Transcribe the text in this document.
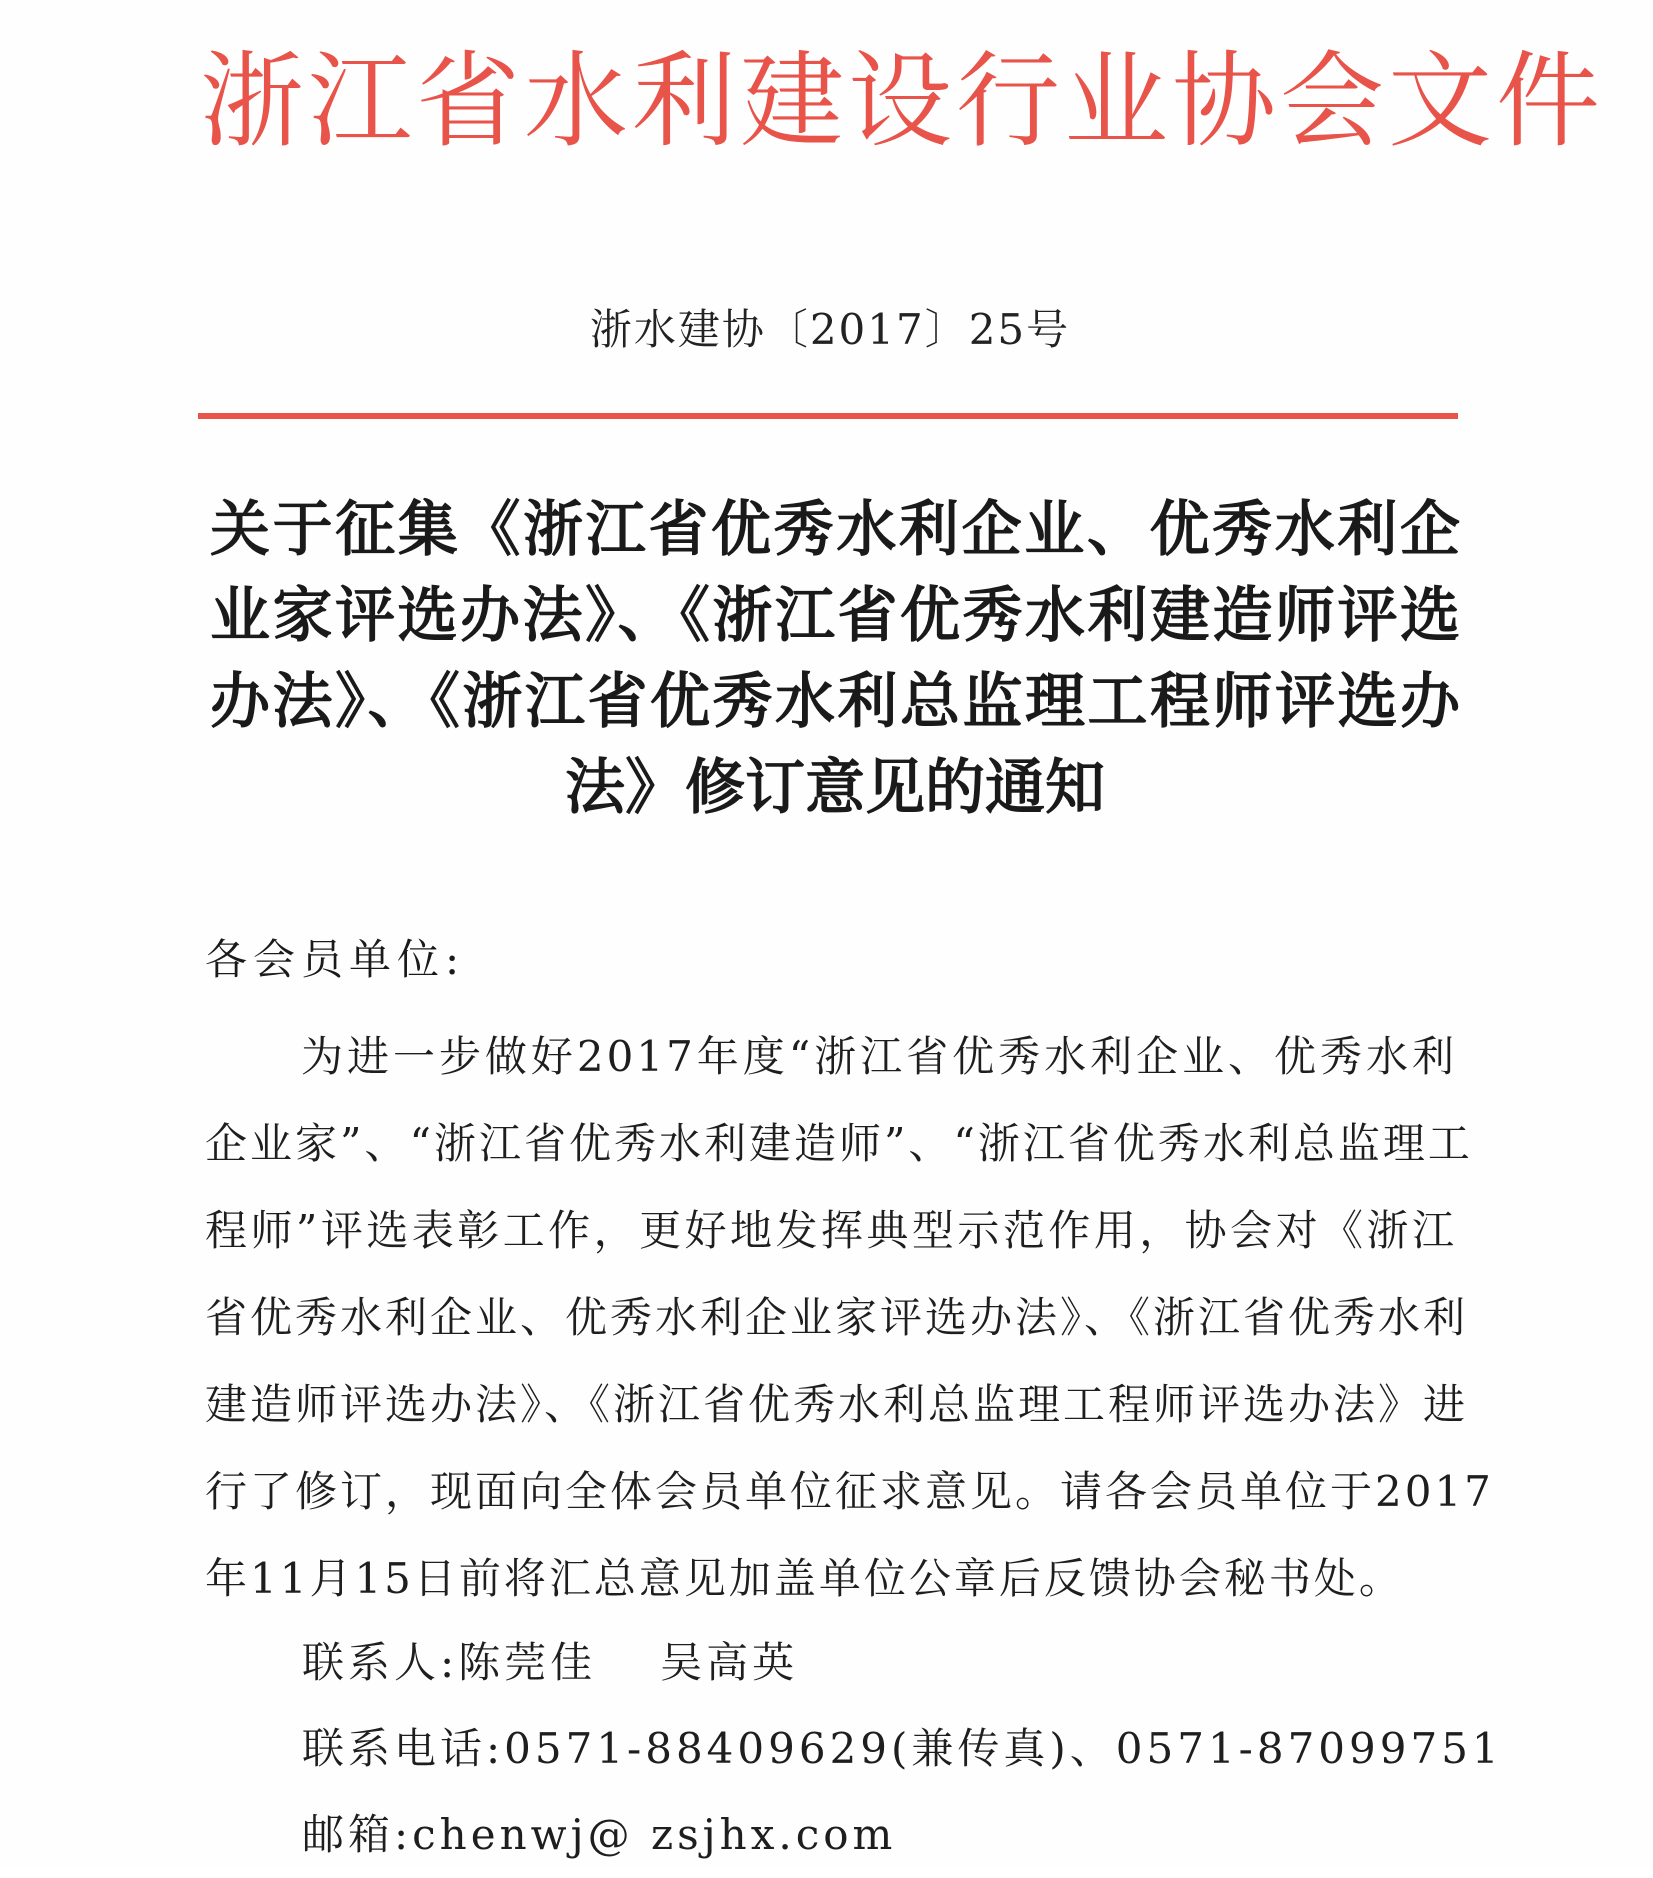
浙江省水利建设行业协会文件
浙水建协〔2017〕25号
关于征集《浙江省优秀水利企业、优秀水利企
业家评选办法》、《浙江省优秀水利建造师评选
办法》、《浙江省优秀水利总监理工程师评选办
法》修订意见的通知
各会员单位:
为进一步做好2017年度“浙江省优秀水利企业、优秀水利
企业家”、“浙江省优秀水利建造师”、“浙江省优秀水利总监理工
程师”评选表彰工作，更好地发挥典型示范作用，协会对《浙江
省优秀水利企业、优秀水利企业家评选办法》、《浙江省优秀水利
建造师评选办法》、《浙江省优秀水利总监理工程师评选办法》进
行了修订，现面向全体会员单位征求意见。请各会员单位于2017
年11月15日前将汇总意见加盖单位公章后反馈协会秘书处。
联系人:陈莞佳 吴高英
联系电话:0571-88409629(兼传真)、0571-87099751
邮箱:chenwj@ zsjhx.com
